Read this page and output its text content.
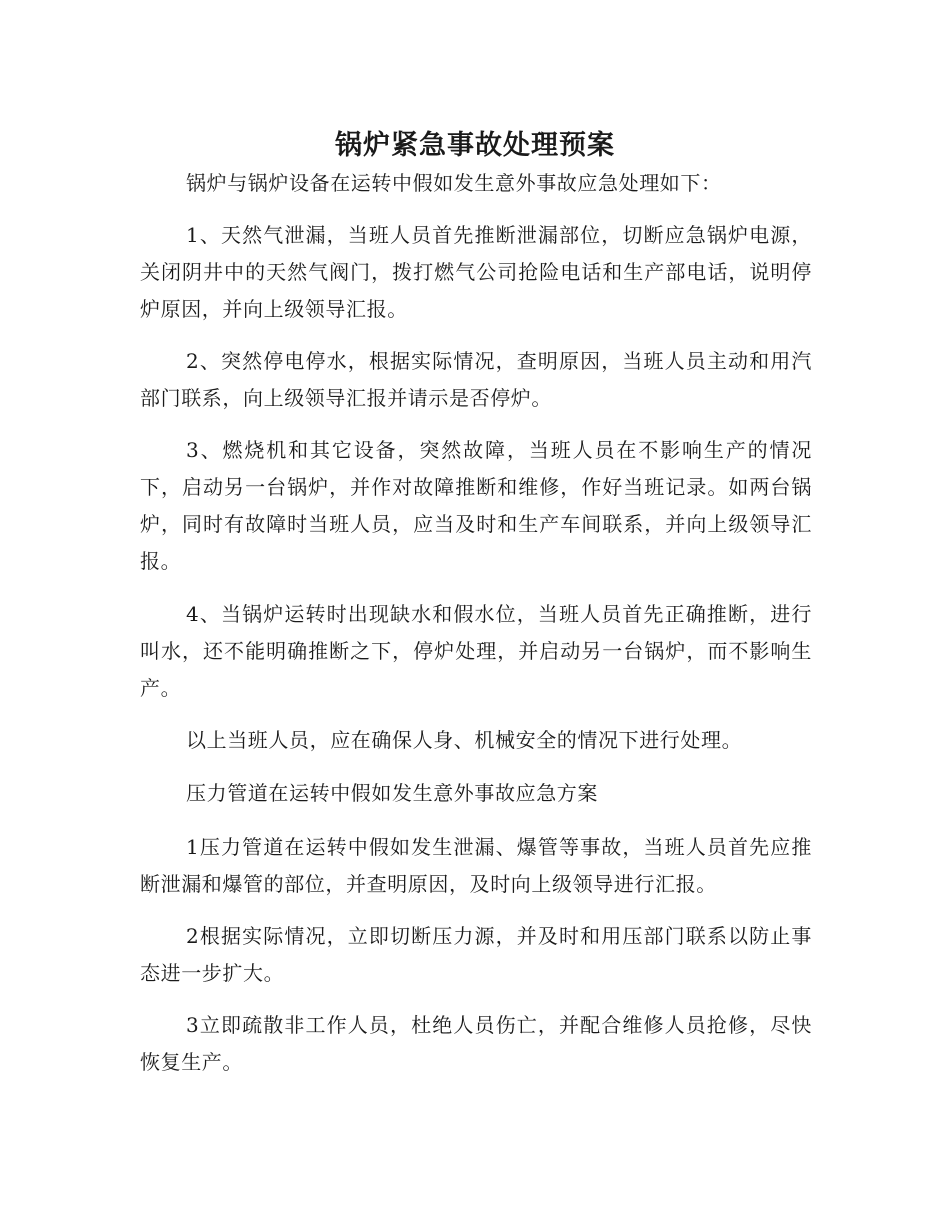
锅炉紧急事故处理预案

锅炉与锅炉设备在运转中假如发生意外事故应急处理如下：

1、天然气泄漏，当班人员首先推断泄漏部位，切断应急锅炉电源，关闭阴井中的天然气阀门，拨打燃气公司抢险电话和生产部电话，说明停炉原因，并向上级领导汇报。

2、突然停电停水，根据实际情况，查明原因，当班人员主动和用汽部门联系，向上级领导汇报并请示是否停炉。

3、燃烧机和其它设备，突然故障，当班人员在不影响生产的情况下，启动另一台锅炉，并作对故障推断和维修，作好当班记录。如两台锅炉，同时有故障时当班人员，应当及时和生产车间联系，并向上级领导汇报。

4、当锅炉运转时出现缺水和假水位，当班人员首先正确推断，进行叫水，还不能明确推断之下，停炉处理，并启动另一台锅炉，而不影响生产。

以上当班人员，应在确保人身、机械安全的情况下进行处理。

压力管道在运转中假如发生意外事故应急方案

1压力管道在运转中假如发生泄漏、爆管等事故，当班人员首先应推断泄漏和爆管的部位，并查明原因，及时向上级领导进行汇报。

2根据实际情况，立即切断压力源，并及时和用压部门联系以防止事态进一步扩大。

3立即疏散非工作人员，杜绝人员伤亡，并配合维修人员抢修，尽快恢复生产。
